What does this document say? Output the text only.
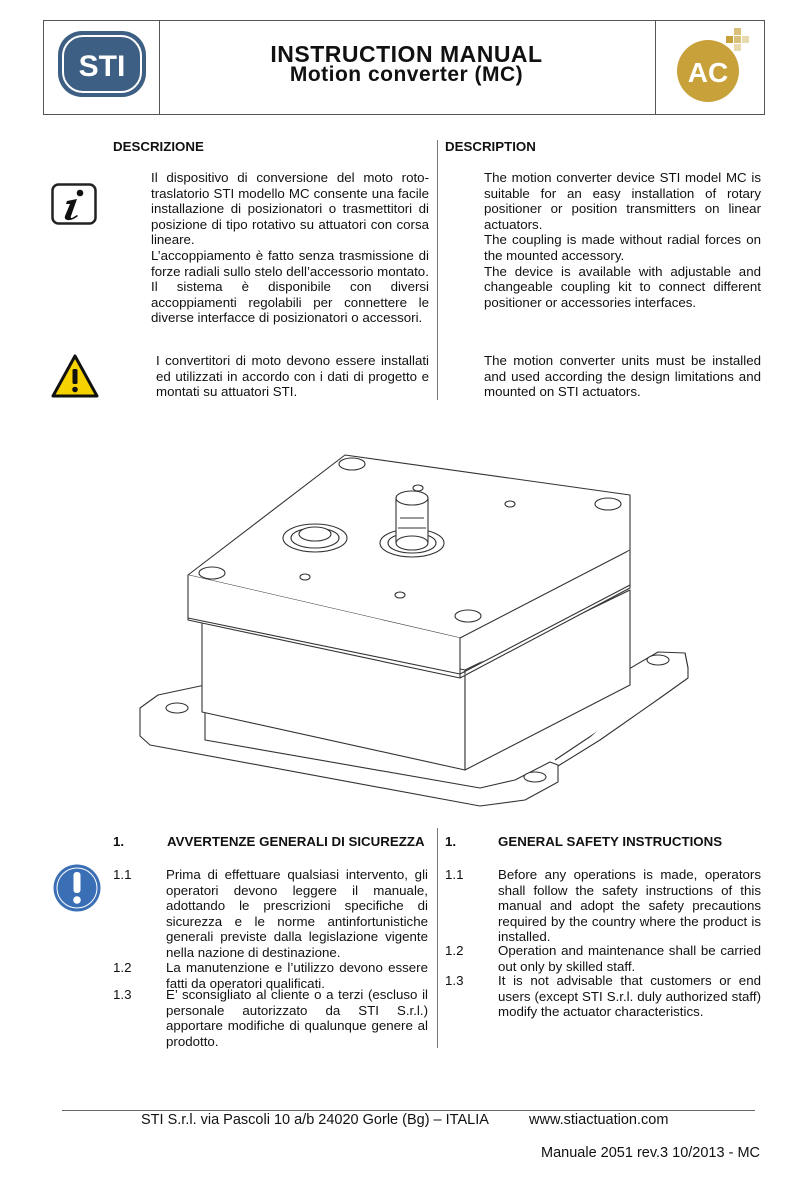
STI	AC
INSTRUCTION MANUAL
Motion converter (MC)
DESCRIZIONE	DESCRIPTION

Il dispositivo di conversione del moto roto-traslatorio STI modello MC consente una facile installazione di posizionatori o trasmettitori di posizione di tipo rotativo su attuatori con corsa lineare.

L’accoppiamento è fatto senza trasmissione di forze radiali sullo stelo dell’accessorio montato.

Il sistema è disponibile con diversi accoppiamenti regolabili per connettere le diverse interfacce di posizionatori o accessori.

The motion converter device STI model MC is suitable for an easy installation of rotary positioner or position transmitters on linear actuators.

The coupling is made without radial forces on the mounted accessory.

The device is available with adjustable and changeable coupling kit to connect different positioner or accessories interfaces.

I convertitori di moto devono essere installati ed utilizzati in accordo con i dati di progetto e montati su attuatori STI.
The motion converter units must be installed and used according the design limitations and mounted on STI actuators.
1.	AVVERTENZE GENERALI DI SICUREZZA 1.	GENERAL SAFETY INSTRUCTIONS
1.1	Prima di effettuare qualsiasi intervento, gli operatori devono leggere il manuale, adottando le prescrizioni specifiche di sicurezza e le norme antinfortunistiche generali previste dalla legislazione vigente nella nazione di destinazione.
1.2	La manutenzione e l’utilizzo devono essere fatti da operatori qualificati.
1.3	E’ sconsigliato al cliente o a terzi (escluso il personale autorizzato da STI S.r.l.) apportare modifiche di qualunque genere al prodotto.
1.1	Before any operations is made, operators shall follow the safety instructions of this manual and adopt the safety precautions required by the country where the product is installed.
1.2	Operation and maintenance shall be carried out only by skilled staff.
1.3	It is not advisable that customers or end users (except STI S.r.l. duly authorized staff) modify the actuator characteristics.
STI S.r.l. via Pascoli 10 a/b 24020 Gorle (Bg) – ITALIA	www.stiactuation.com
Manuale 2051 rev.3 10/2013 - MC
